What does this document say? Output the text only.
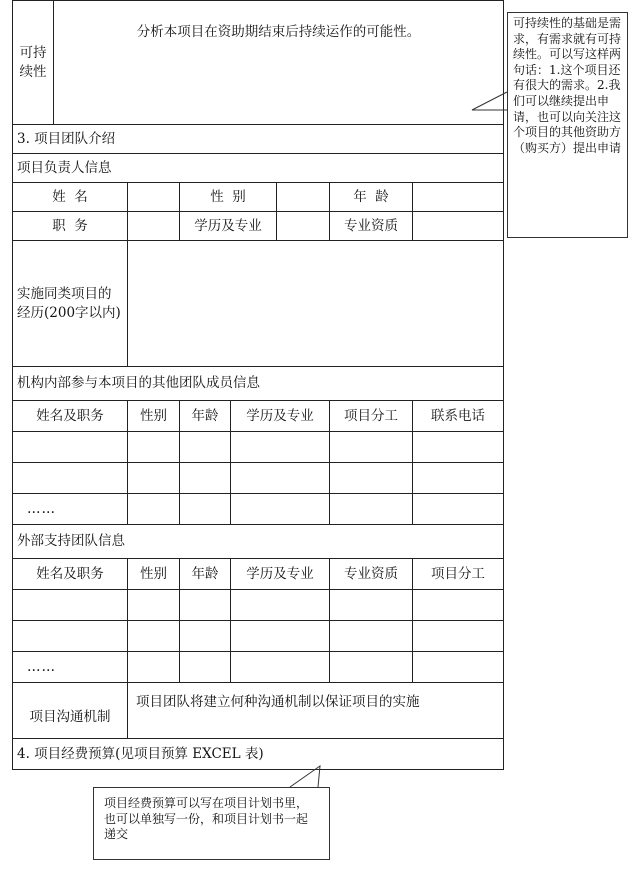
可持续性	分析本项目在资助期结束后持续运作的可能性。						
3. 项目团队介绍							
项目负责人信息							
姓  名			性  别			年  龄	
职  务			学历及专业			专业资质	
实施同类项目的经历(200字以内)							
机构内部参与本项目的其他团队成员信息							
姓名及职务		性别	年龄	学历及专业		项目分工	联系电话

……							
外部支持团队信息							
姓名及职务		性别	年龄	学历及专业		专业资质	项目分工

……							
项目沟通机制		项目团队将建立何种沟通机制以保证项目的实施					
4. 项目经费预算(见项目预算 EXCEL 表)							
可持续性的基础是需求，有需求就有可持续性。可以写这样两句话：1.这个项目还有很大的需求。2.我们可以继续提出申请，也可以向关注这个项目的其他资助方（购买方）提出申请
项目经费预算可以写在项目计划书里，也可以单独写一份，和项目计划书一起递交
